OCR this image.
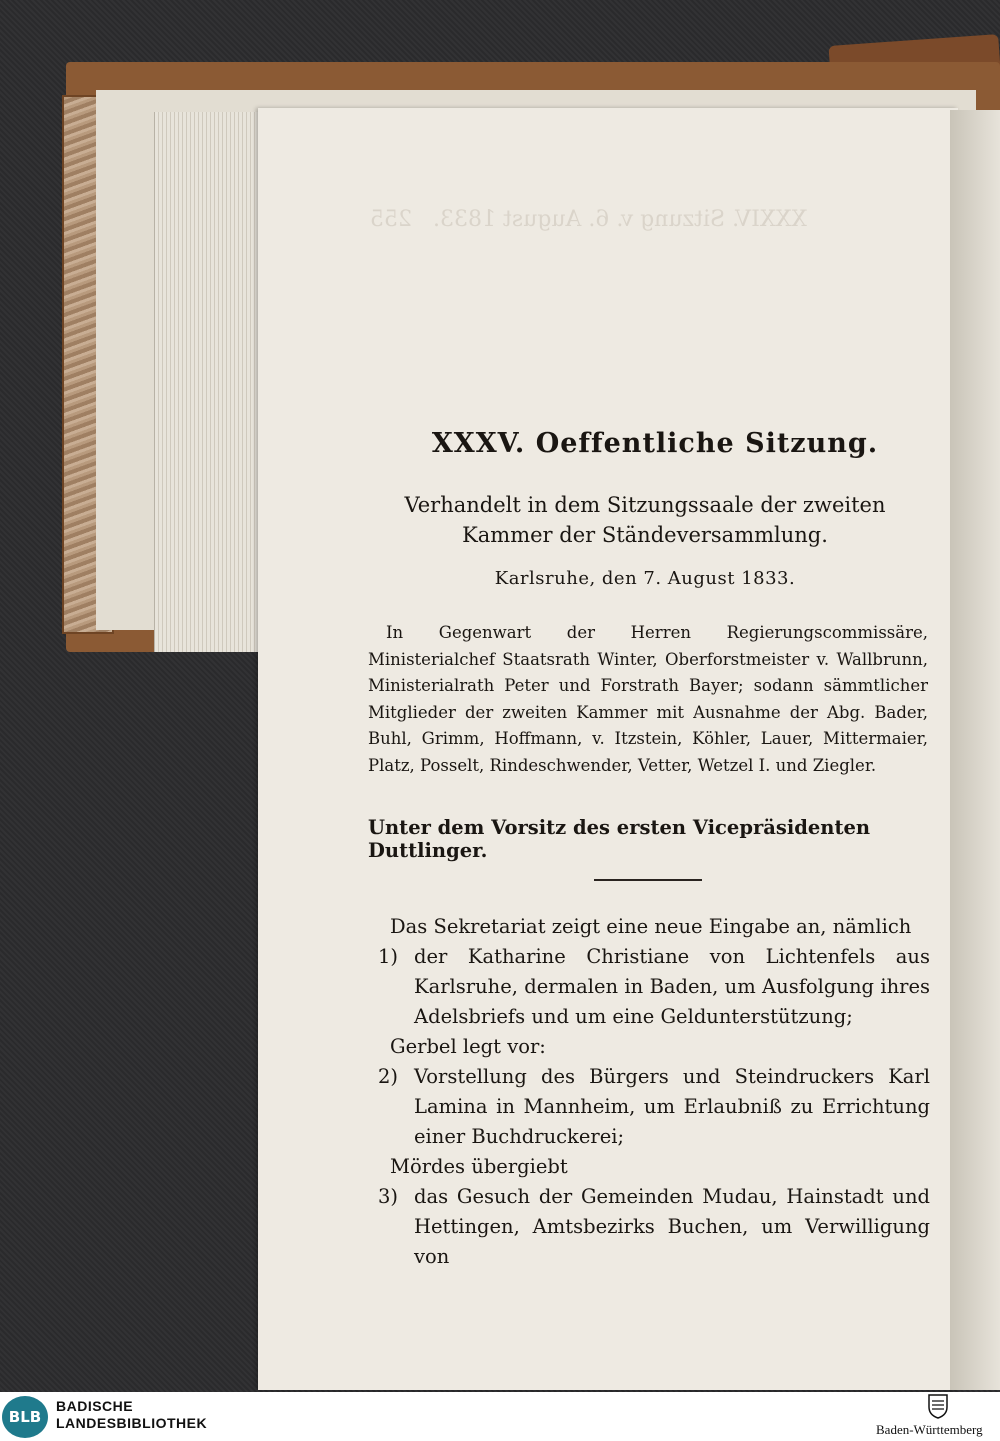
XXXV. Oeffentliche Sitzung.
Verhandelt in dem Sitzungssaale der zweiten Kammer der Ständeversammlung.
Karlsruhe, den 7. August 1833.
In Gegenwart der Herren Regierungscommissäre, Ministerialchef Staatsrath Winter, Oberforstmeister v. Wallbrunn, Ministerialrath Peter und Forstrath Bayer; sodann sämmtlicher Mitglieder der zweiten Kammer mit Ausnahme der Abg. Bader, Buhl, Grimm, Hoffmann, v. Itzstein, Köhler, Lauer, Mittermaier, Platz, Posselt, Rindeschwender, Vetter, Wetzel I. und Ziegler.
Unter dem Vorsitz des ersten Vicepräsidenten Duttlinger.

Das Sekretariat zeigt eine neue Eingabe an, nämlich

1) der Katharine Christiane von Lichtenfels aus Karlsruhe, dermalen in Baden, um Ausfolgung ihres Adelsbriefs und um eine Geldunterstützung;

Gerbel legt vor:

2) Vorstellung des Bürgers und Steindruckers Karl Lamina in Mannheim, um Erlaubniß zu Errichtung einer Buchdruckerei;

Mördes übergiebt

3) das Gesuch der Gemeinden Mudau, Hainstadt und Hettingen, Amtsbezirks Buchen, um Verwilligung von
BLB
BADISCHE
LANDESBIBLIOTHEK	Baden-Württemberg
